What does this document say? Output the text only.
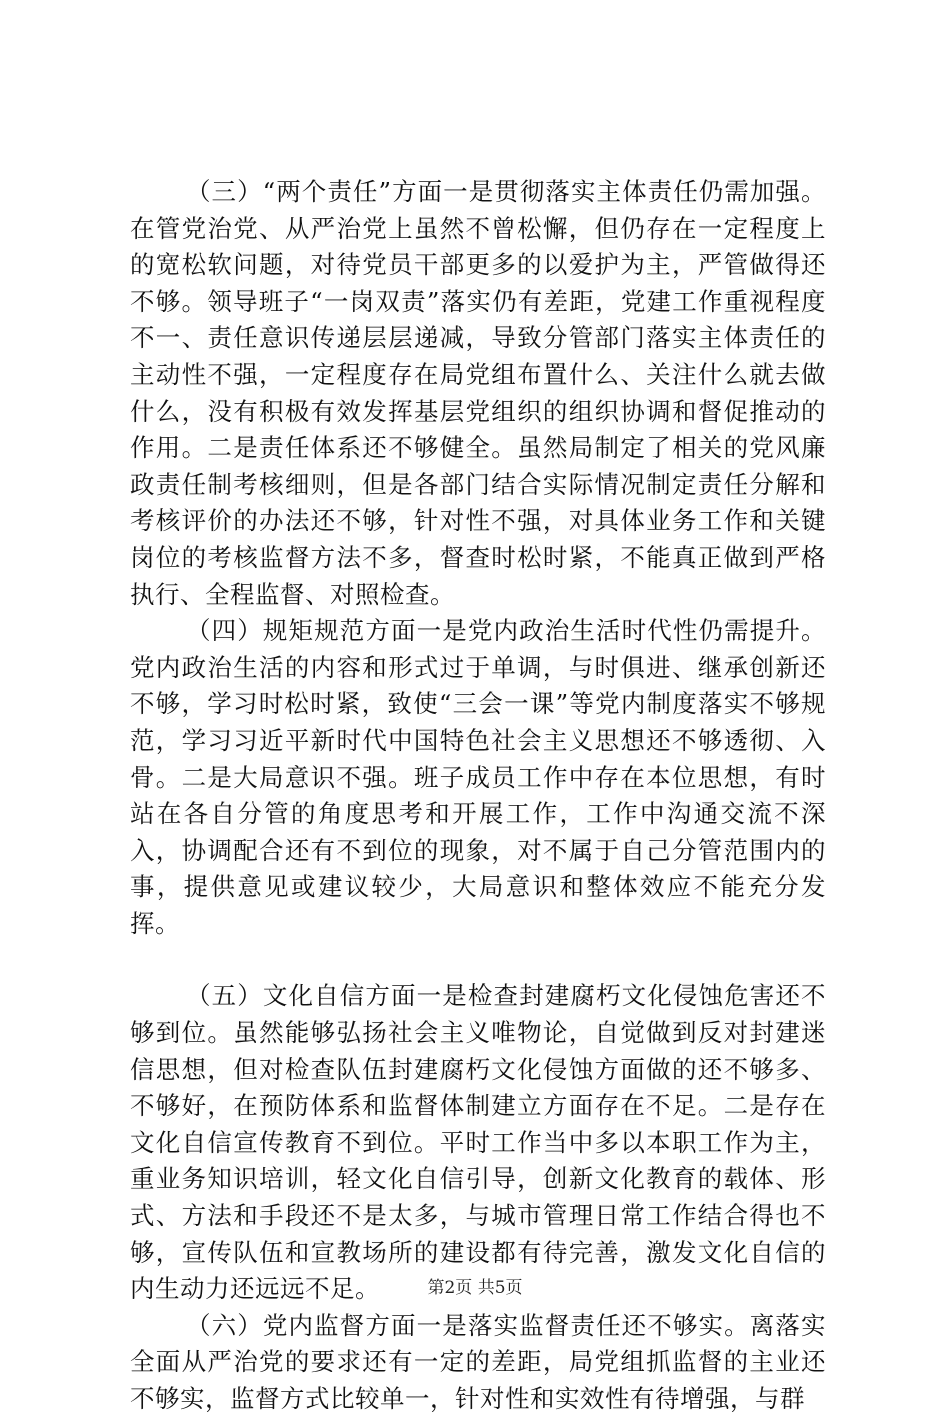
（三）“两个责任”方面一是贯彻落实主体责任仍需加强。在管党治党、从严治党上虽然不曾松懈，但仍存在一定程度上的宽松软问题，对待党员干部更多的以爱护为主，严管做得还不够。领导班子“一岗双责”落实仍有差距，党建工作重视程度不一、责任意识传递层层递减，导致分管部门落实主体责任的主动性不强，一定程度存在局党组布置什么、关注什么就去做什么，没有积极有效发挥基层党组织的组织协调和督促推动的作用。二是责任体系还不够健全。虽然局制定了相关的党风廉政责任制考核细则，但是各部门结合实际情况制定责任分解和考核评价的办法还不够，针对性不强，对具体业务工作和关键岗位的考核监督方法不多，督查时松时紧，不能真正做到严格执行、全程监督、对照检查。

（四）规矩规范方面一是党内政治生活时代性仍需提升。党内政治生活的内容和形式过于单调，与时俱进、继承创新还不够，学习时松时紧，致使“三会一课”等党内制度落实不够规范，学习习近平新时代中国特色社会主义思想还不够透彻、入骨。二是大局意识不强。班子成员工作中存在本位思想，有时站在各自分管的角度思考和开展工作，工作中沟通交流不深入，协调配合还有不到位的现象，对不属于自己分管范围内的事，提供意见或建议较少，大局意识和整体效应不能充分发挥。

（五）文化自信方面一是检查封建腐朽文化侵蚀危害还不够到位。虽然能够弘扬社会主义唯物论，自觉做到反对封建迷信思想，但对检查队伍封建腐朽文化侵蚀方面做的还不够多、不够好，在预防体系和监督体制建立方面存在不足。二是存在文化自信宣传教育不到位。平时工作当中多以本职工作为主，重业务知识培训，轻文化自信引导，创新文化教育的载体、形式、方法和手段还不是太多，与城市管理日常工作结合得也不够，宣传队伍和宣教场所的建设都有待完善，激发文化自信的内生动力还远远不足。

（六）党内监督方面一是落实监督责任还不够实。离落实全面从严治党的要求还有一定的差距，局党组抓监督的主业还不够实，监督方式比较单一，针对性和实效性有待增强，与群

第2页 共5页
